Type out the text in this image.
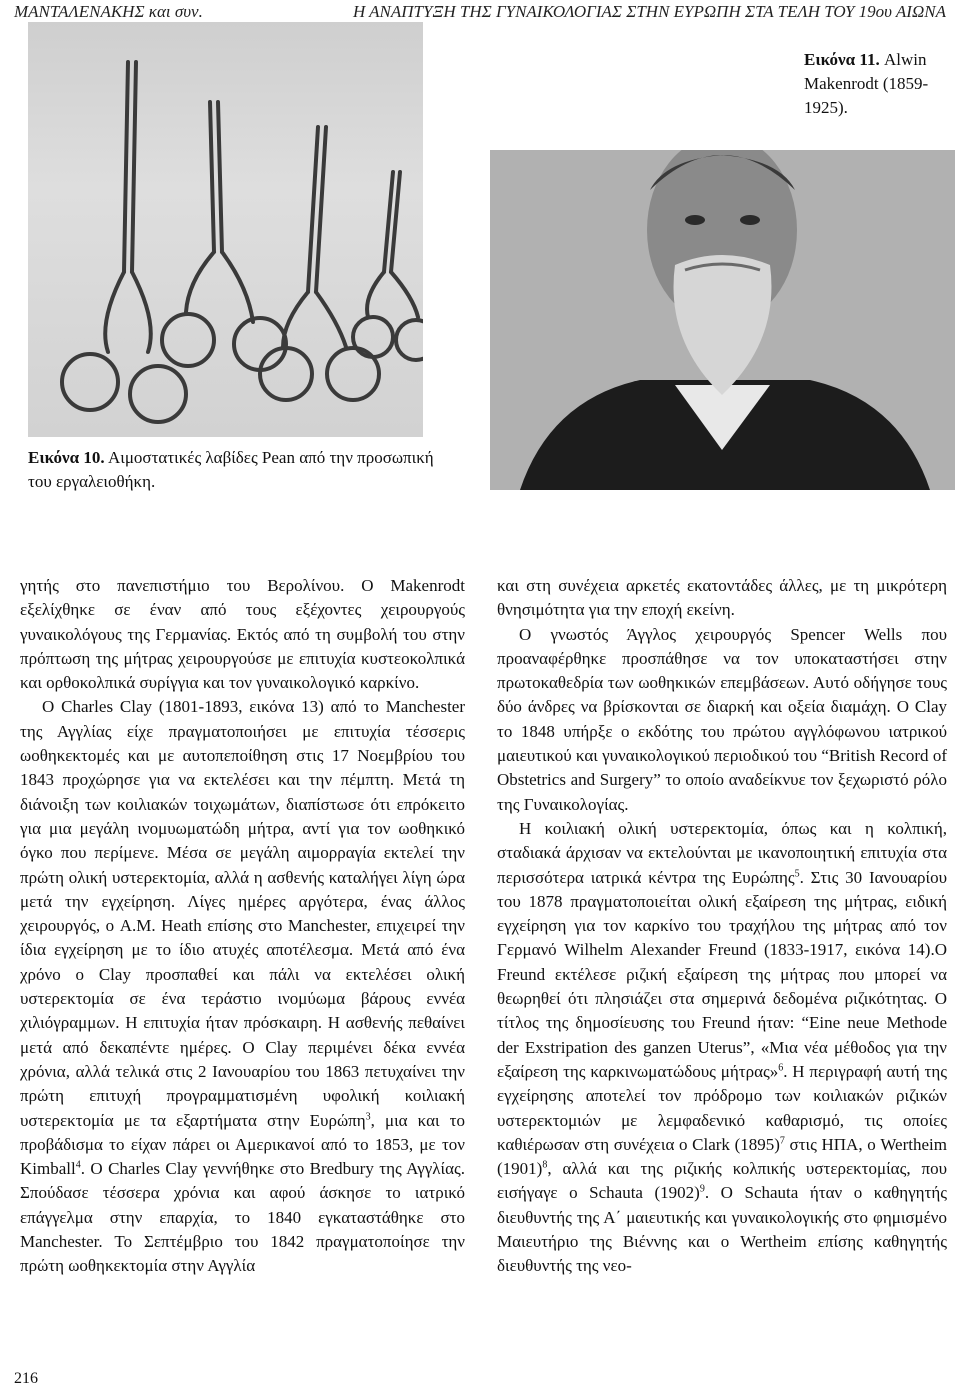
ΜΑΝΤΑΛΕΝΑΚΗΣ και συν.	Η ΑΝΑΠΤΥΞΗ ΤΗΣ ΓΥΝΑΙΚΟΛΟΓΙΑΣ ΣΤΗΝ ΕΥΡΩΠΗ ΣΤΑ ΤΕΛΗ ΤΟΥ 19ου ΑΙΩΝΑ
Εικόνα 10. Αιμοστατικές λαβίδες Pean από την προσωπική του εργαλειοθήκη.
Εικόνα 11. Alwin Makenrodt (1859-1925).

γητής στο πανεπιστήμιο του Βερολίνου. Ο Makenrodt εξελίχθηκε σε έναν από τους εξέχοντες χειρουργούς γυναικολόγους της Γερμανίας. Εκτός από τη συμβολή του στην πρόπτωση της μήτρας χειρουργούσε με επιτυχία κυστεοκολπικά και ορθοκολπικά συρίγγια και τον γυναικολογικό καρκίνο.

Ο Charles Clay (1801-1893, εικόνα 13) από το Manchester της Αγγλίας είχε πραγματοποιήσει με επιτυχία τέσσερις ωοθηκεκτομές και με αυτοπεποίθηση στις 17 Νοεμβρίου του 1843 προχώρησε για να εκτελέσει και την πέμπτη. Μετά τη διάνοιξη των κοιλιακών τοιχωμάτων, διαπίστωσε ότι επρόκειτο για μια μεγάλη ινομυωματώδη μήτρα, αντί για τον ωοθηκικό όγκο που περίμενε. Μέσα σε μεγάλη αιμορραγία εκτελεί την πρώτη ολική υστερεκτομία, αλλά η ασθενής καταλήγει λίγη ώρα μετά την εγχείρηση. Λίγες ημέρες αργότερα, ένας άλλος χειρουργός, ο A.M. Heath επίσης στο Manchester, επιχειρεί την ίδια εγχείρηση με το ίδιο ατυχές αποτέλεσμα. Μετά από ένα χρόνο ο Clay προσπαθεί και πάλι να εκτελέσει ολική υστερεκτομία σε ένα τεράστιο ινομύωμα βάρους εννέα χιλιόγραμμων. Η επιτυχία ήταν πρόσκαιρη. Η ασθενής πεθαίνει μετά από δεκαπέντε ημέρες. Ο Clay περιμένει δέκα εννέα χρόνια, αλλά τελικά στις 2 Ιανουαρίου του 1863 πετυχαίνει την πρώτη επιτυχή προγραμματισμένη υφολική κοιλιακή υστερεκτομία με τα εξαρτήματα στην Ευρώπη$^3$, μια και το προβάδισμα το είχαν πάρει οι Αμερικανοί από το 1853, με τον Kimball$^4$. Ο Charles Clay γεννήθηκε στο Bredbury της Αγγλίας. Σπούδασε τέσσερα χρόνια και αφού άσκησε το ιατρικό επάγγελμα στην επαρχία, το 1840 εγκαταστάθηκε στο Manchester. Το Σεπτέμβριο του 1842 πραγματοποίησε την πρώτη ωοθηκεκτομία στην Αγγλία

και στη συνέχεια αρκετές εκατοντάδες άλλες, με τη μικρότερη θνησιμότητα για την εποχή εκείνη.

Ο γνωστός Άγγλος χειρουργός Spencer Wells που προαναφέρθηκε προσπάθησε να τον υποκαταστήσει στην πρωτοκαθεδρία των ωοθηκικών επεμβάσεων. Αυτό οδήγησε τους δύο άνδρες να βρίσκονται σε διαρκή και οξεία διαμάχη. Ο Clay το 1848 υπήρξε ο εκδότης του πρώτου αγγλόφωνου ιατρικού μαιευτικού και γυναικολογικού περιοδικού του “British Record of Obstetrics and Surgery” το οποίο αναδείκνυε τον ξεχωριστό ρόλο της Γυναικολογίας.

Η κοιλιακή ολική υστερεκτομία, όπως και η κολπική, σταδιακά άρχισαν να εκτελούνται με ικανοποιητική επιτυχία στα περισσότερα ιατρικά κέντρα της Ευρώπης$^5$. Στις 30 Ιανουαρίου του 1878 πραγματοποιείται ολική εξαίρεση της μήτρας, ειδική εγχείρηση για τον καρκίνο του τραχήλου της μήτρας από τον Γερμανό Wilhelm Alexander Freund (1833-1917, εικόνα 14).Ο Freund εκτέλεσε ριζική εξαίρεση της μήτρας που μπορεί να θεωρηθεί ότι πλησιάζει στα σημερινά δεδομένα ριζικότητας. Ο τίτλος της δημοσίευσης του Freund ήταν: “Eine neue Methode der Exstripation des ganzen Uterus”, «Μια νέα μέθοδος για την εξαίρεση της καρκινωματώδους μήτρας»$^6$. Η περιγραφή αυτή της εγχείρησης αποτελεί τον πρόδρομο των κοιλιακών ριζικών υστερεκτομιών με λεμφαδενικό καθαρισμό, τις οποίες καθιέρωσαν στη συνέχεια ο Clark $(1895)^7$ στις ΗΠΑ, ο Wertheim $(1901)^8$, αλλά και της ριζικής κολπικής υστερεκτομίας, που εισήγαγε ο Schauta $(1902)^9$. Ο Schauta ήταν ο καθηγητής διευθυντής της Α΄ μαιευτικής και γυναικολογικής στο φημισμένο Μαιευτήριο της Βιέννης και ο Wertheim επίσης καθηγητής διευθυντής της νεο-

216
